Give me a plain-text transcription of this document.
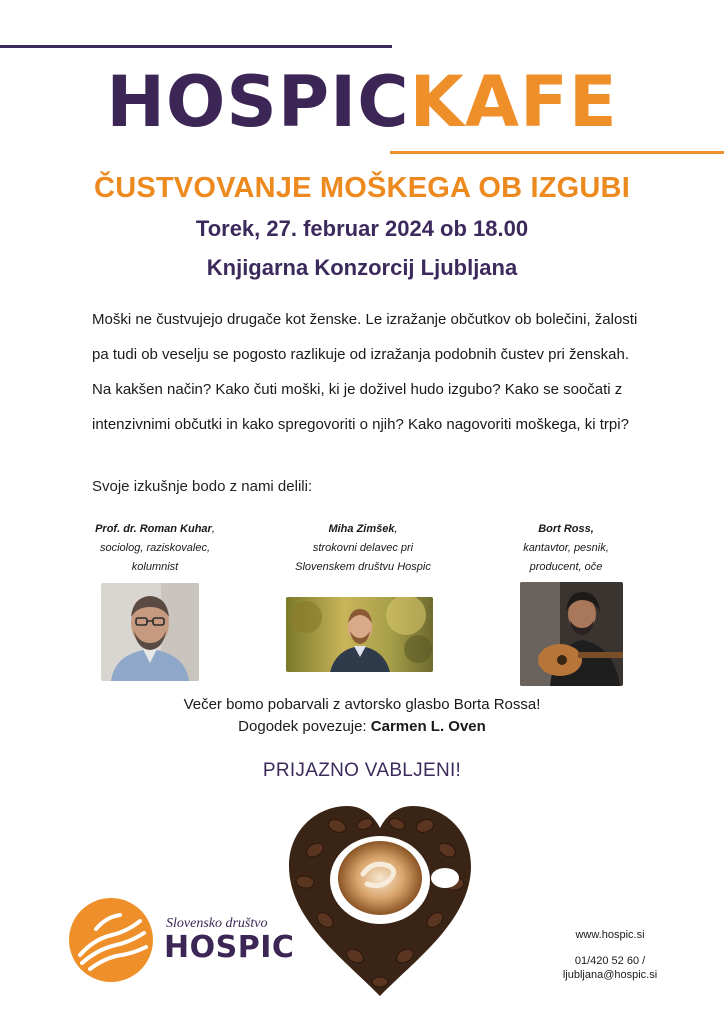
HOSPICKAFE
ČUSTVOVANJE MOŠKEGA OB IZGUBI
Torek, 27. februar 2024 ob 18.00
Knjigarna Konzorcij Ljubljana

Moški ne čustvujejo drugače kot ženske. Le izražanje občutkov ob bolečini, žalosti

pa tudi ob veselju se pogosto razlikuje od izražanja podobnih čustev pri ženskah.

Na kakšen način? Kako čuti moški, ki je doživel hudo izgubo? Kako se soočati z

intenzivnimi občutki in kako spregovoriti o njih? Kako nagovoriti moškega, ki trpi?

Svoje izkušnje bodo z nami delili:
Prof. dr. Roman Kuhar,
sociolog, raziskovalec,
kolumnist
Miha Zimšek,
strokovni delavec pri
Slovenskem društvu Hospic
Bort Ross,
kantavtor, pesnik,
producent, oče
Večer bomo pobarvali z avtorsko glasbo Borta Rossa!
Dogodek povezuje: Carmen L. Oven
PRIJAZNO VABLJENI!
Slovensko društvo
HOSPIC	www.hospic.si
01/420 52 60 /
ljubljana@hospic.si
